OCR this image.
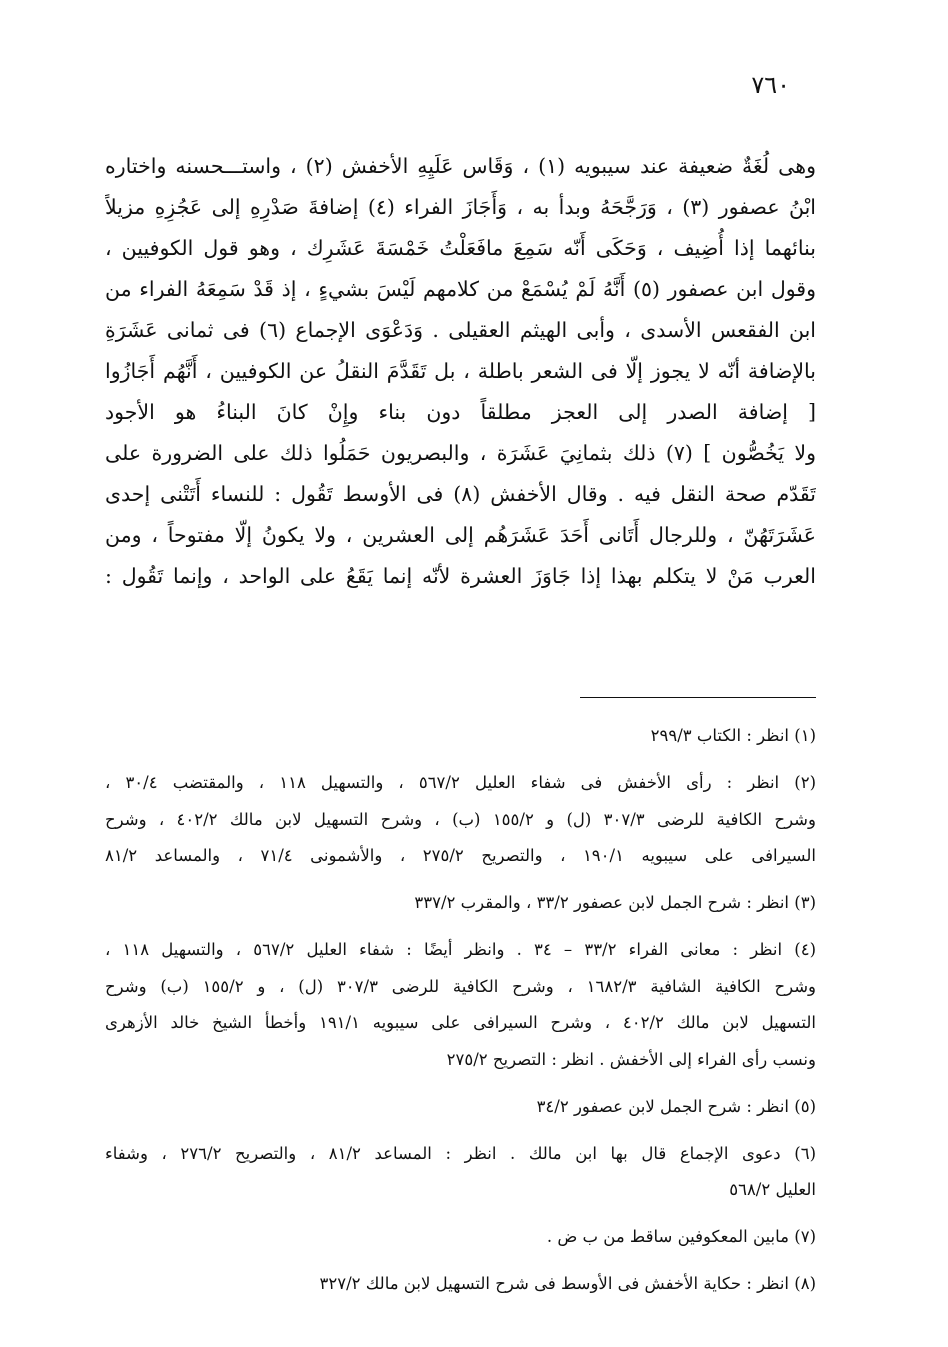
٧٦٠
وهى لُغَةٌ ضعيفة عند سيبويه (١) ، وَقَاس عَلَيِهِ الأخفش (٢) ، واستـــحسنه واختاره
ابْنُ عصفور (٣) ، وَرَجَّحَهُ وبدأ به ، وَأَجَازَ الفراء (٤) إضافةَ صَدْرِهِ إلى عَجُزِهِ مزيلاً
بنائهما إذا أُضِيف ، وَحَكَى أَنّه سَمِعَ مافَعَلْتُ خَمْسَةَ عَشَرِك ، وهو قول الكوفيين ،
وقول ابن عصفور (٥) أَنَّهُ لَمْ يُسْمَعْ من كلامهم لَيْسَ بشيءٍ ، إذ قَدْ سَمِعَهُ الفراء من
ابن الفقعس الأسدى ، وأبى الهيثم العقيلى . وَدَعْوَى الإجماع (٦) فى ثمانى عَشَرَةِ
بالإضافة أنّه لا يجوز إلّا فى الشعر باطلة ، بل تَقَدَّمَ النقلُ عن الكوفيين ، أَنَّهُم أَجَازُوا
[ إضافة الصدر إلى العجز مطلقاً دون بناء وإِنْ كانَ البناءُ هو الأجود
ولا يَخُصُّون ] (٧) ذلك بثمانِيَ عَشَرَة ، والبصريون حَمَلُوا ذلك على الضرورة على
تَقَدّم صحة النقل فيه . وقال الأخفش (٨) فى الأوسط تَقُول : للنساء أَتَتْنى إحدى
عَشَرَتَهُنّ ، وللرجال أَتَانى أَحَدَ عَشَرَهُم إلى العشرين ، ولا يكونُ إلّا مفتوحاً ، ومن
العرب مَنْ لا يتكلم بهذا إذا جَاوَزَ العشرة لأنّه إنما يَقَعُ على الواحد ، وإنما تَقُول :
(١) انظر : الكتاب ٢٩٩/٣
(٢) انظر : رأى الأخفش فى شفاء العليل ٥٦٧/٢ ، والتسهيل ١١٨ ، والمقتضب ٣٠/٤ ،
وشرح الكافية للرضى ٣٠٧/٣ (ل) و ١٥٥/٢ (ب) ، وشرح التسهيل لابن مالك ٤٠٢/٢ ، وشرح
السيرافى على سيبويه ١٩٠/١ ، والتصريح ٢٧٥/٢ ، والأشمونى ٧١/٤ ، والمساعد ٨١/٢
(٣) انظر : شرح الجمل لابن عصفور ٣٣/٢ ، والمقرب ٣٣٧/٢
(٤) انظر : معانى الفراء ٣٣/٢ – ٣٤ . وانظر أيضًا : شفاء العليل ٥٦٧/٢ ، والتسهيل ١١٨ ،
وشرح الكافية الشافية ١٦٨٢/٣ ، وشرح الكافية للرضى ٣٠٧/٣ (ل) ، و ١٥٥/٢ (ب) وشرح
التسهيل لابن مالك ٤٠٢/٢ ، وشرح السيرافى على سيبويه ١٩١/١ وأخطأ الشيخ خالد الأزهرى
ونسب رأى الفراء إلى الأخفش . انظر : التصريح ٢٧٥/٢
(٥) انظر : شرح الجمل لابن عصفور ٣٤/٢
(٦) دعوى الإجماع قال بها ابن مالك . انظر : المساعد ٨١/٢ ، والتصريح ٢٧٦/٢ ، وشفاء
العليل ٥٦٨/٢
(٧) مابين المعكوفين ساقط من ب ض .
(٨) انظر : حكاية الأخفش فى الأوسط فى شرح التسهيل لابن مالك ٣٢٧/٢
